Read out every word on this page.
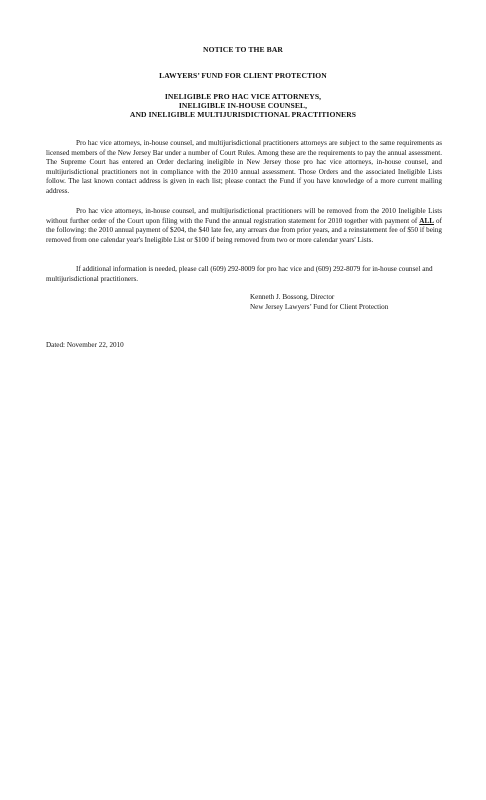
NOTICE TO THE BAR
LAWYERS’ FUND FOR CLIENT PROTECTION
INELIGIBLE PRO HAC VICE ATTORNEYS,
INELIGIBLE IN-HOUSE COUNSEL,
AND INELIGIBLE MULTIJURISDICTIONAL PRACTITIONERS
Pro hac vice attorneys, in-house counsel, and multijurisdictional practitioners attorneys are subject to the same requirements as licensed members of the New Jersey Bar under a number of Court Rules. Among these are the requirements to pay the annual assessment. The Supreme Court has entered an Order declaring ineligible in New Jersey those pro hac vice attorneys, in-house counsel, and multijurisdictional practitioners not in compliance with the 2010 annual assessment. Those Orders and the associated Ineligible Lists follow. The last known contact address is given in each list; please contact the Fund if you have knowledge of a more current mailing address.
Pro hac vice attorneys, in-house counsel, and multijurisdictional practitioners will be removed from the 2010 Ineligible Lists without further order of the Court upon filing with the Fund the annual registration statement for 2010 together with payment of ALL of the following: the 2010 annual payment of $204, the $40 late fee, any arrears due from prior years, and a reinstatement fee of $50 if being removed from one calendar year's Ineligible List or $100 if being removed from two or more calendar years' Lists.
If additional information is needed, please call (609) 292-8009 for pro hac vice and (609) 292-8079 for in-house counsel and multijurisdictional practitioners.
Kenneth J. Bossong, Director
New Jersey Lawyers’ Fund for Client Protection
Dated: November 22, 2010
